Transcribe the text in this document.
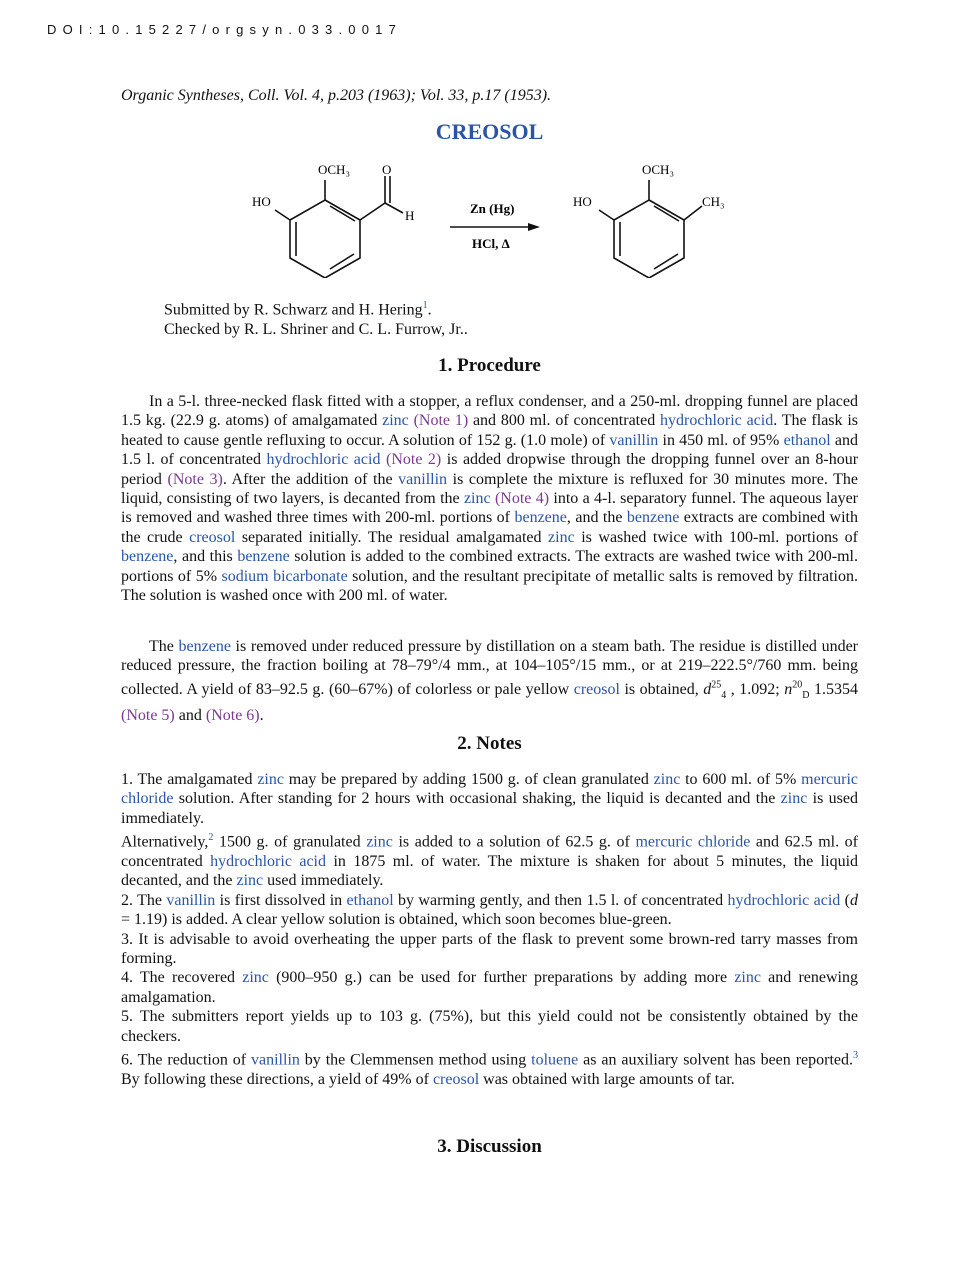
DOI:10.15227/orgsyn.033.0017
Organic Syntheses, Coll. Vol. 4, p.203 (1963); Vol. 33, p.17 (1953).
CREOSOL
OCH₃ O
HO
H	Zn (Hg)
HCl, Δ
OCH₃
HO	CH₃
Submitted by R. Schwarz and H. Hering$^1$.
Checked by R. L. Shriner and C. L. Furrow, Jr..
1. Procedure
In a 5-l. three-necked flask fitted with a stopper, a reflux condenser, and a 250-ml. dropping funnel are placed 1.5 kg. (22.9 g. atoms) of amalgamated zinc (Note 1) and 800 ml. of concentrated hydrochloric acid. The flask is heated to cause gentle refluxing to occur. A solution of 152 g. (1.0 mole) of vanillin in 450 ml. of 95% ethanol and 1.5 l. of concentrated hydrochloric acid (Note 2) is added dropwise through the dropping funnel over an 8-hour period (Note 3). After the addition of the vanillin is complete the mixture is refluxed for 30 minutes more. The liquid, consisting of two layers, is decanted from the zinc (Note 4) into a 4-l. separatory funnel. The aqueous layer is removed and washed three times with 200-ml. portions of benzene, and the benzene extracts are combined with the crude creosol separated initially. The residual amalgamated zinc is washed twice with 100-ml. portions of benzene, and this benzene solution is added to the combined extracts. The extracts are washed twice with 200-ml. portions of 5% sodium bicarbonate solution, and the resultant precipitate of metallic salts is removed by filtration. The solution is washed once with 200 ml. of water.
The benzene is removed under reduced pressure by distillation on a steam bath. The residue is distilled under reduced pressure, the fraction boiling at 78–79°/4 mm., at 104–105°/15 mm., or at 219–222.5°/760 mm. being collected. A yield of 83–92.5 g. (60–67%) of colorless or pale yellow creosol is obtained, $d^{25}_4$ , 1.092; $n^{20}_D$ 1.5354 (Note 5) and (Note 6).
2. Notes

1. The amalgamated zinc may be prepared by adding 1500 g. of clean granulated zinc to 600 ml. of 5% mercuric chloride solution. After standing for 2 hours with occasional shaking, the liquid is decanted and the zinc is used immediately.

Alternatively,$^2$ 1500 g. of granulated zinc is added to a solution of 62.5 g. of mercuric chloride and 62.5 ml. of concentrated hydrochloric acid in 1875 ml. of water. The mixture is shaken for about 5 minutes, the liquid decanted, and the zinc used immediately.

2. The vanillin is first dissolved in ethanol by warming gently, and then 1.5 l. of concentrated hydrochloric acid (d = 1.19) is added. A clear yellow solution is obtained, which soon becomes blue-green.

3. It is advisable to avoid overheating the upper parts of the flask to prevent some brown-red tarry masses from forming.

4. The recovered zinc (900–950 g.) can be used for further preparations by adding more zinc and renewing amalgamation.

5. The submitters report yields up to 103 g. (75%), but this yield could not be consistently obtained by the checkers.

6. The reduction of vanillin by the Clemmensen method using toluene as an auxiliary solvent has been reported.$^3$ By following these directions, a yield of 49% of creosol was obtained with large amounts of tar.

3. Discussion
